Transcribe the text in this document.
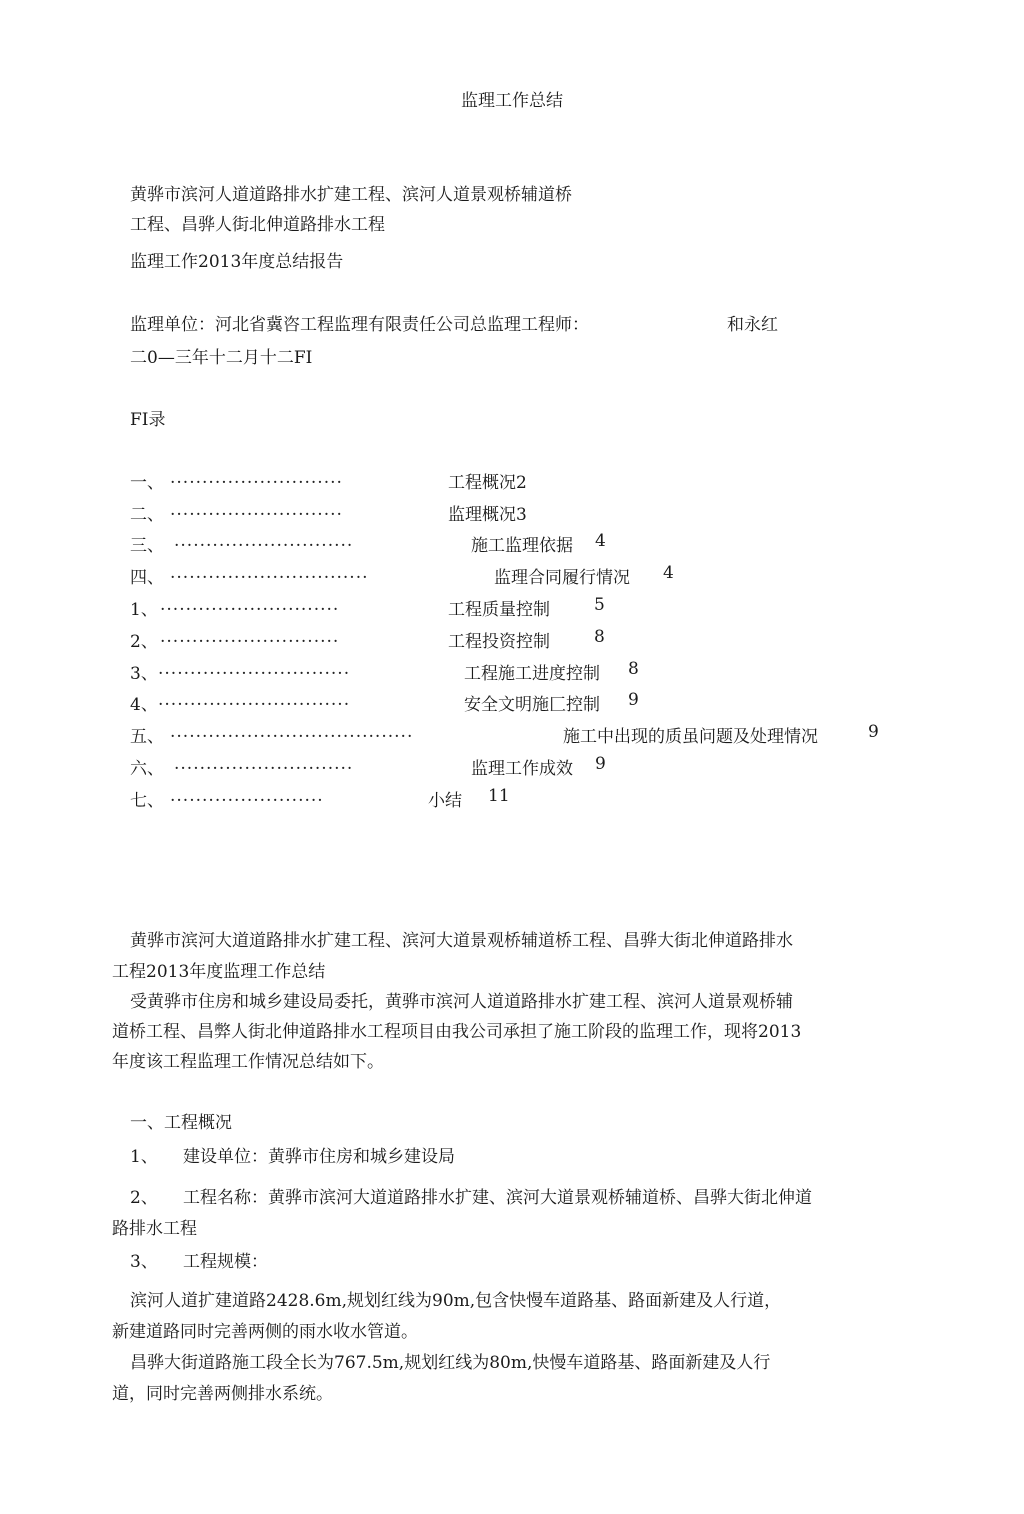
监理工作总结
黄骅市滨河人道道路排水扩建工程、滨河人道景观桥辅道桥
工程、昌骅人街北伸道路排水工程
监理工作2013年度总结报告
监理单位：河北省冀咨工程监理有限责任公司总监理工程师：	和永红
二0—三年十二月十二FI
FI录
一、 ...........................	工程概况2
二、 ...........................	监理概况3
三、 ............................	施工监理依据 4
四、 ...............................	监理合同履行情况 4
1、 ............................	工程质量控制	5
2、 ............................	工程投资控制	8
3、 ..............................	工程施工进度控制 8
4、 ..............................	安全文明施匚控制 9
五、 ......................................	施工中出现的质虽问题及处理情况	9
六、 ............................	监理工作成效 9
七、 ........................	小结 11
黄骅市滨河大道道路排水扩建工程、滨河大道景观桥辅道桥工程、昌骅大街北伸道路排水
工程2013年度监理工作总结
受黄骅市住房和城乡建设局委托，黄骅市滨河人道道路排水扩建工程、滨河人道景观桥辅
道桥工程、昌弊人街北伸道路排水工程项目由我公司承担了施工阶段的监理工作，现将2013
年度该工程监理工作情况总结如下。
一、工程概况
1、 建设单位：黄骅市住房和城乡建设局
2、 工程名称：黄骅市滨河大道道路排水扩建、滨河大道景观桥辅道桥、昌骅大街北伸道
路排水工程
3、 工程规模：
滨河人道扩建道路2428.6m,规划红线为90m,包含快慢车道路基、路面新建及人行道，
新建道路同时完善两侧的雨水收水管道。
昌骅大街道路施工段全长为767.5m,规划红线为80m,快慢车道路基、路面新建及人行
道，同时完善两侧排水系统。
